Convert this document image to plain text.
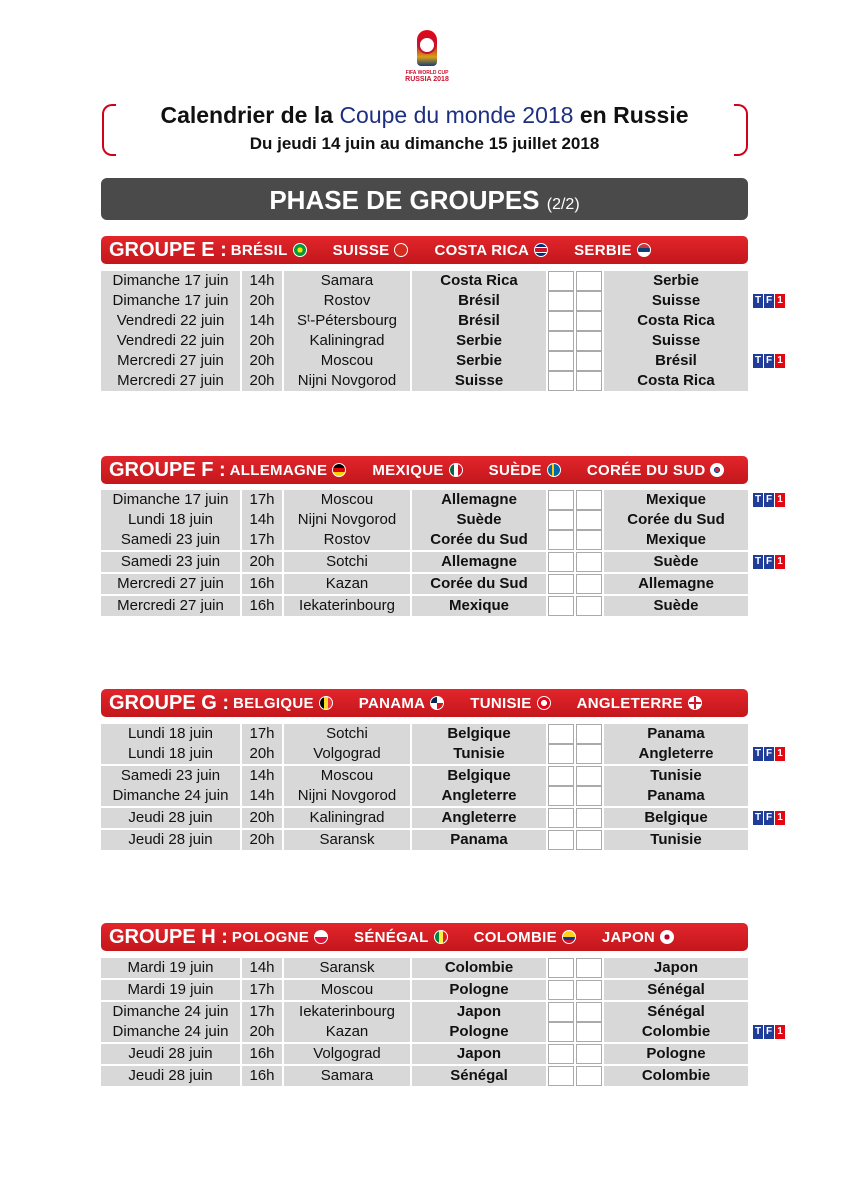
FIFA WORLD CUP
RUSSIA 2018
Calendrier de la Coupe du monde 2018 en Russie
Du jeudi 14 juin au dimanche 15 juillet 2018
PHASE DE GROUPES (2/2)
GROUPE E : BRÉSIL	SUISSE	COSTA RICA	SERBIE
Dimanche 17 juin	14h	Samara	Costa Rica	Serbie
Dimanche 17 juin	20h	Rostov	Brésil	Suisse	T F 1
Vendredi 22 juin	14h	Sᵗ-Pétersbourg	Brésil	Costa Rica
Vendredi 22 juin	20h	Kaliningrad	Serbie	Suisse
Mercredi 27 juin	20h	Moscou	Serbie	Brésil	T F 1
Mercredi 27 juin	20h	Nijni Novgorod	Suisse	Costa Rica
GROUPE F : ALLEMAGNE	MEXIQUE	SUÈDE	CORÉE DU SUD
Dimanche 17 juin	17h	Moscou	Allemagne	Mexique	T F 1
Lundi 18 juin	14h	Nijni Novgorod	Suède	Corée du Sud
Samedi 23 juin	17h	Rostov	Corée du Sud	Mexique
Samedi 23 juin	20h	Sotchi	Allemagne	Suède	T F 1
Mercredi 27 juin	16h	Kazan	Corée du Sud	Allemagne
Mercredi 27 juin	16h	Iekaterinbourg	Mexique	Suède
GROUPE G : BELGIQUE	PANAMA	TUNISIE	ANGLETERRE
Lundi 18 juin	17h	Sotchi	Belgique	Panama
Lundi 18 juin	20h	Volgograd	Tunisie	Angleterre	T F 1
Samedi 23 juin	14h	Moscou	Belgique	Tunisie
Dimanche 24 juin	14h	Nijni Novgorod	Angleterre	Panama
Jeudi 28 juin	20h	Kaliningrad	Angleterre	Belgique	T F 1
Jeudi 28 juin	20h	Saransk	Panama	Tunisie
GROUPE H : POLOGNE	SÉNÉGAL	COLOMBIE	JAPON
Mardi 19 juin	14h	Saransk	Colombie	Japon
Mardi 19 juin	17h	Moscou	Pologne	Sénégal
Dimanche 24 juin	17h	Iekaterinbourg	Japon	Sénégal
Dimanche 24 juin	20h	Kazan	Pologne	Colombie	T F 1
Jeudi 28 juin	16h	Volgograd	Japon	Pologne
Jeudi 28 juin	16h	Samara	Sénégal	Colombie
